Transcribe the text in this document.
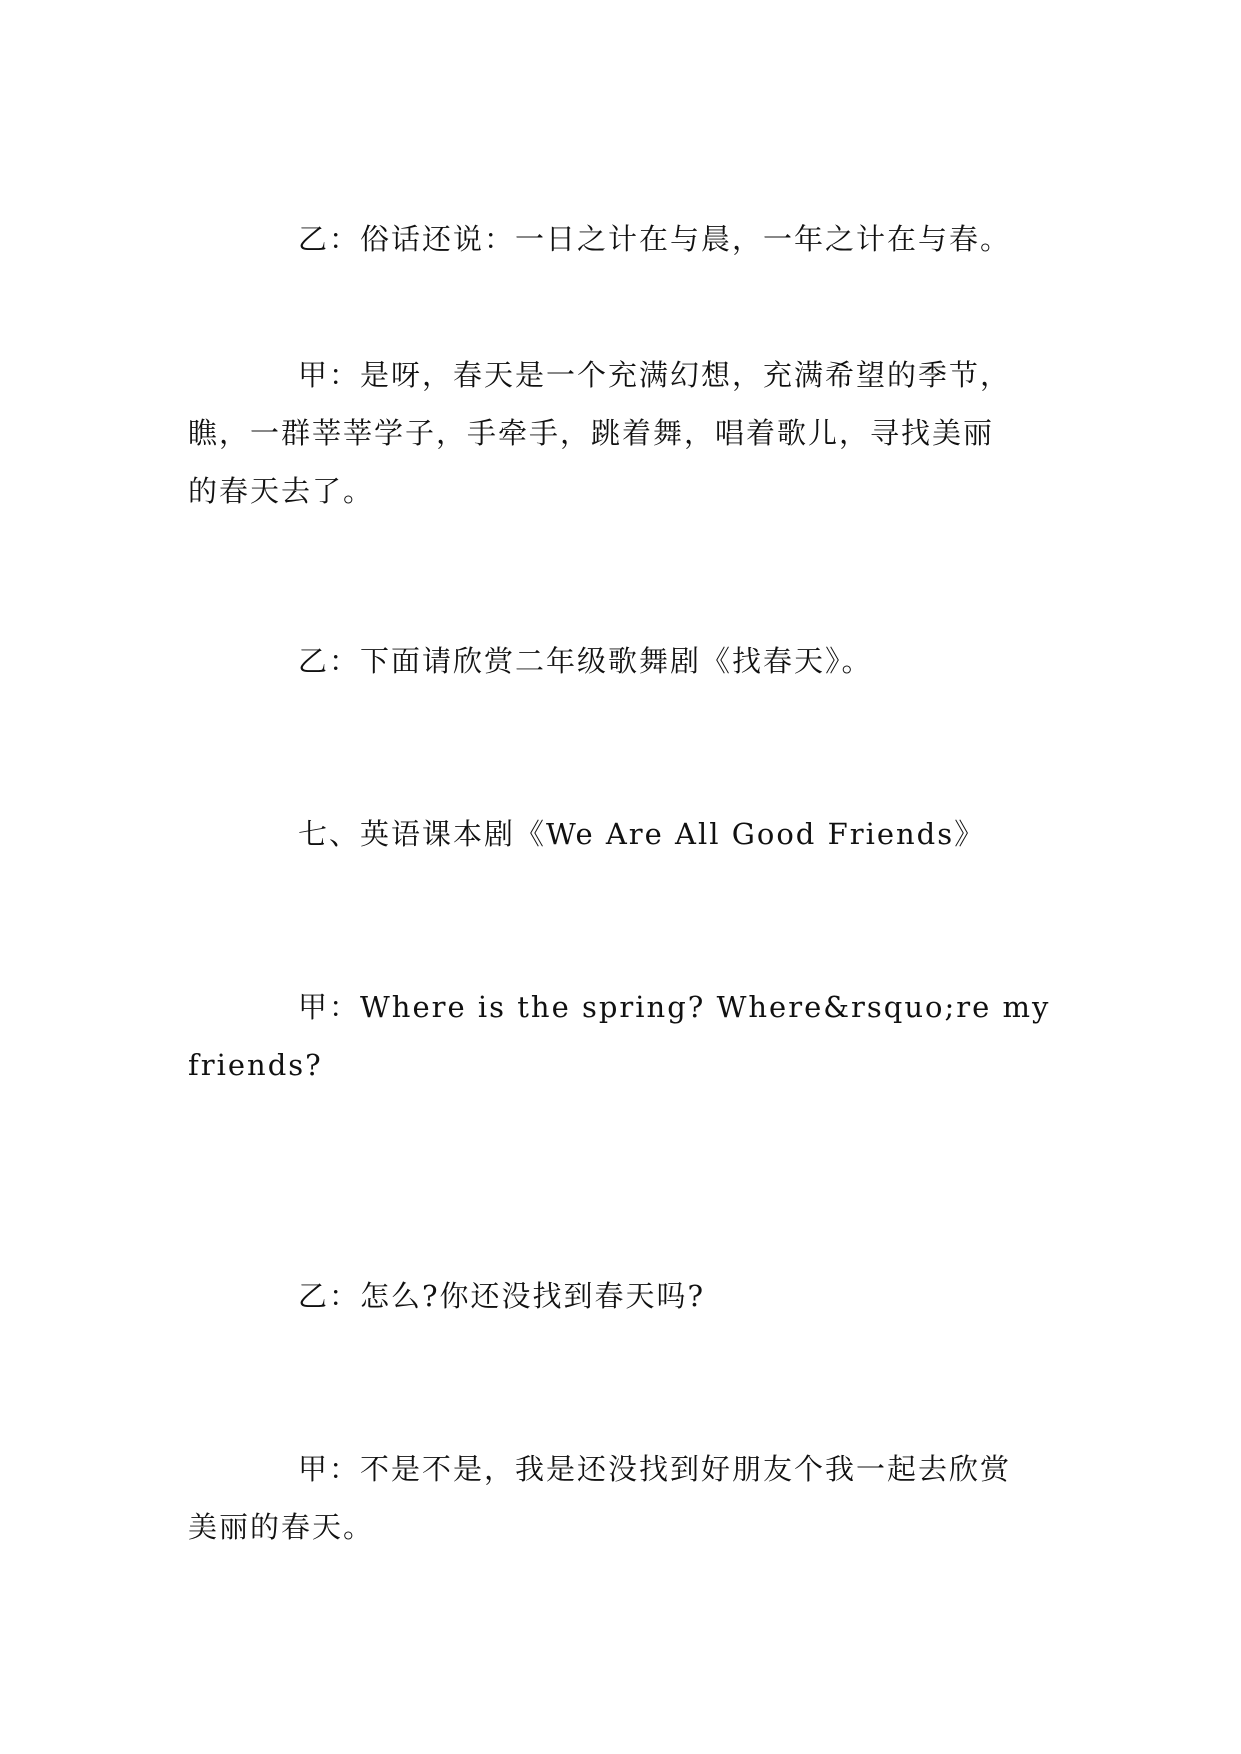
乙：俗话还说：一日之计在与晨，一年之计在与春。

甲：是呀，春天是一个充满幻想，充满希望的季节，
瞧，一群莘莘学子，手牵手，跳着舞，唱着歌儿，寻找美丽
的春天去了。

乙：下面请欣赏二年级歌舞剧《找春天》。

七、英语课本剧《We Are All Good Friends》

甲：Where is the spring? Where&rsquo;re my
friends?

乙：怎么?你还没找到春天吗?

甲：不是不是，我是还没找到好朋友个我一起去欣赏
美丽的春天。
